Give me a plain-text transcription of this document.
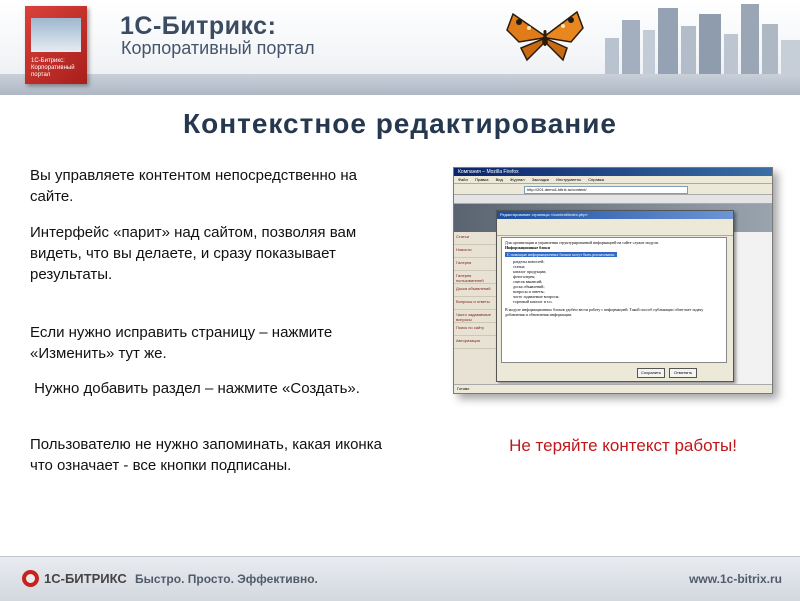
1С-Битрикс: Корпоративный портал
1С-Битрикс:
Корпоративный портал
Контекстное редактирование

Вы управляете контентом непосредственно на сайте.

Интерфейс «парит» над сайтом, позволяя вам видеть, что вы делаете, и сразу показывает результаты.

Если нужно исправить страницу – нажмите «Изменить» тут же.

Нужно добавить раздел – нажмите «Создать».

Пользователю не нужно запоминать, какая иконка что означает - все кнопки подписаны.

Компания – Mozilla Firefox
Файл Правка Вид Журнал Закладки Инструменты Справка
http://201.demo1.bitrix.ru/content/
Статьи
Новости
Галерея
Галерея пользователей
Доска объявлений
Вопросы и ответы
Часто задаваемые вопросы
Поиск по сайту
Авторизация
Редактирование страницы «/content/index.php»
Для организации и управления структурированной информацией на сайте служат модули.
Информационные блоки
С помощью информационных блоков могут быть реализованы:
разделы новостей;
статьи;
каталог продукции;
фотогалерея;
список вакансий;
доска объявлений;
вопросы и ответы;
часто задаваемые вопросы;
торговый каталог и т.п.
В модуле информационных блоков удобно вести работу с информацией. Такой способ публикации облегчает задачу добавления и обновления информации.
Сохранить	Отменить
Готово
Не теряйте контекст работы!
1С-БИТРИКС Быстро. Просто. Эффективно.	www.1c-bitrix.ru
